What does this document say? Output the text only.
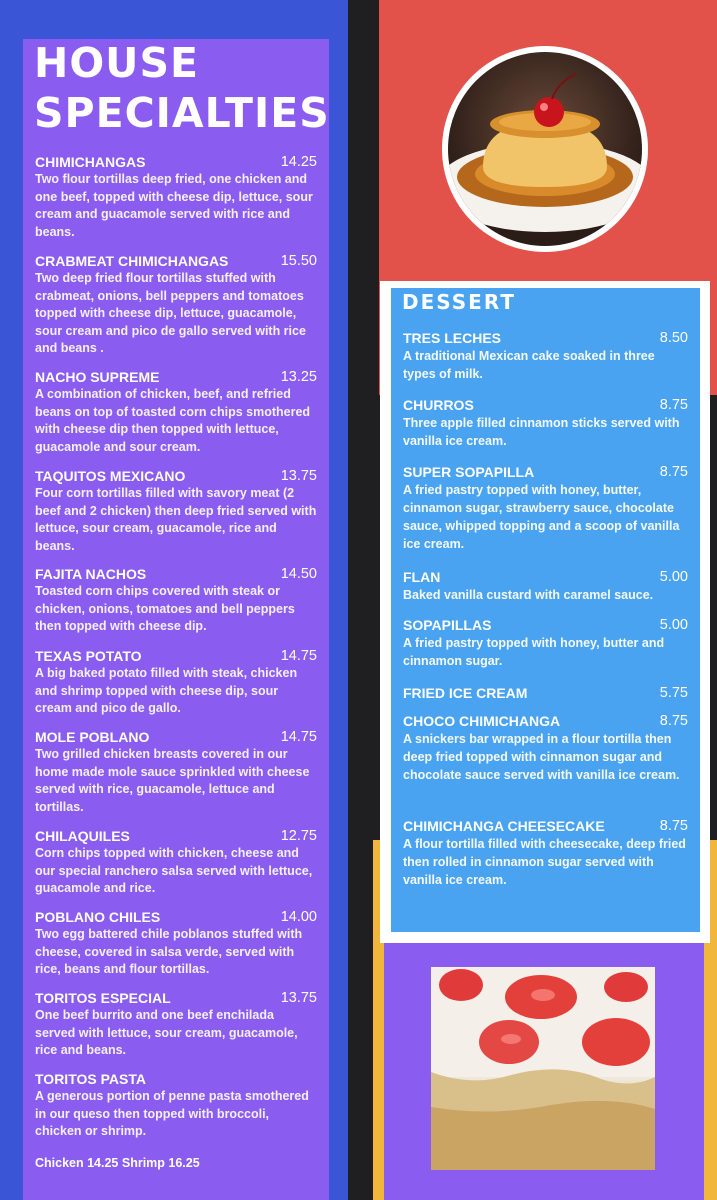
HOUSE SPECIALTIES
CHIMICHANGAS	14.25
Two flour tortillas deep fried, one chicken and one beef, topped with cheese dip, lettuce, sour cream and guacamole served with rice and beans.
CRABMEAT CHIMICHANGAS	15.50
Two deep fried flour tortillas stuffed with crabmeat, onions, bell peppers and tomatoes topped with cheese dip, lettuce, guacamole, sour cream and pico de gallo served with rice and beans .
NACHO SUPREME	13.25
A combination of chicken, beef, and refried beans on top of toasted corn chips smothered with cheese dip then topped with lettuce, guacamole and sour cream.
TAQUITOS MEXICANO	13.75
Four corn tortillas filled with savory meat (2 beef and 2 chicken) then deep fried served with lettuce, sour cream, guacamole, rice and beans.
FAJITA NACHOS	14.50
Toasted corn chips covered with steak or chicken, onions, tomatoes and bell peppers then topped with cheese dip.
TEXAS POTATO	14.75
A big baked potato filled with steak, chicken and shrimp topped with cheese dip, sour cream and pico de gallo.
MOLE POBLANO	14.75
Two grilled chicken breasts covered in our home made mole sauce sprinkled with cheese served with rice, guacamole, lettuce and tortillas.
CHILAQUILES	12.75
Corn chips topped with chicken, cheese and our special ranchero salsa served with lettuce, guacamole and rice.
POBLANO CHILES	14.00
Two egg battered chile poblanos stuffed with cheese, covered in salsa verde, served with rice, beans and flour tortillas.
TORITOS ESPECIAL	13.75
One beef burrito and one beef enchilada served with lettuce, sour cream, guacamole, rice and beans.
TORITOS PASTA
A generous portion of penne pasta smothered in our queso then topped with broccoli, chicken or shrimp.
Chicken 14.25 Shrimp 16.25
DESSERT
TRES LECHES	8.50
A traditional Mexican cake soaked in three types of milk.
CHURROS	8.75
Three apple filled cinnamon sticks served with vanilla ice cream.
SUPER SOPAPILLA	8.75
A fried pastry topped with honey, butter, cinnamon sugar, strawberry sauce, chocolate sauce, whipped topping and a scoop of vanilla ice cream.
FLAN	5.00
Baked vanilla custard with caramel sauce.
SOPAPILLAS	5.00
A fried pastry topped with honey, butter and cinnamon sugar.
FRIED ICE CREAM	5.75
CHOCO CHIMICHANGA	8.75
A snickers bar wrapped in a flour tortilla then deep fried topped with cinnamon sugar and chocolate sauce served with vanilla ice cream.
CHIMICHANGA CHEESECAKE	8.75
A flour tortilla filled with cheesecake, deep fried then rolled in cinnamon sugar served with vanilla ice cream.
